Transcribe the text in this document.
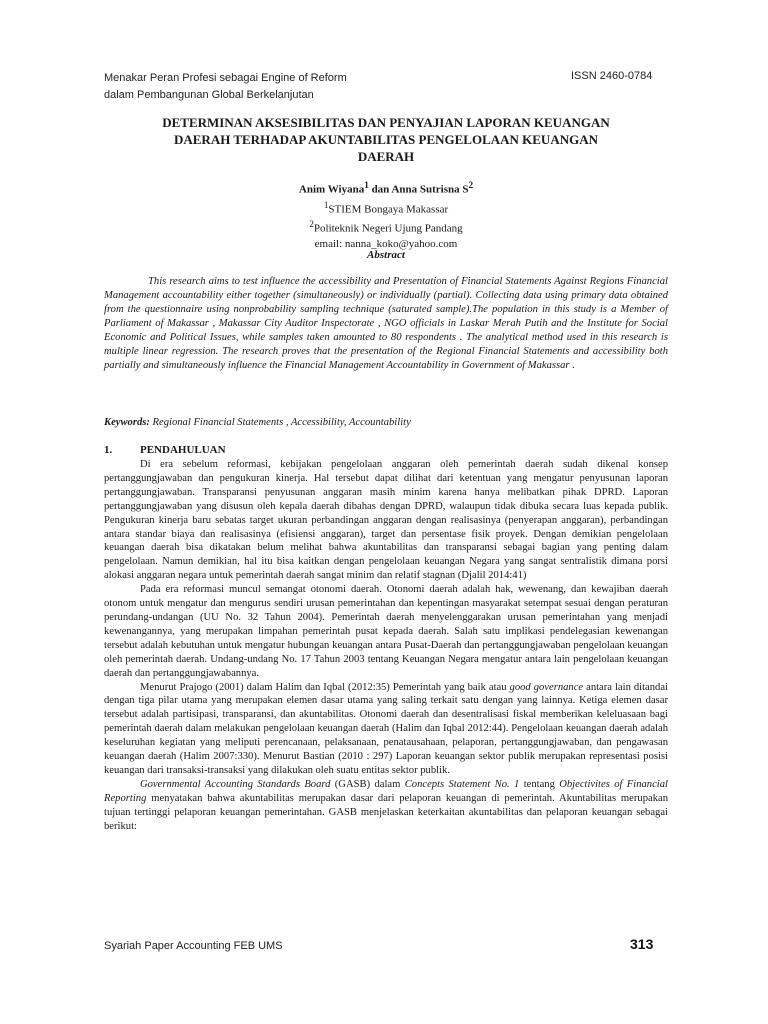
Menakar Peran Profesi sebagai Engine of Reform
dalam Pembangunan Global Berkelanjutan
ISSN 2460-0784
DETERMINAN AKSESIBILITAS DAN PENYAJIAN LAPORAN KEUANGAN
DAERAH TERHADAP AKUNTABILITAS PENGELOLAAN KEUANGAN
DAERAH
Anim Wiyana$^1$ dan Anna Sutrisna $S^2$
$^1$STIEM Bongaya Makassar
$^2$Politeknik Negeri Ujung Pandang
email: nanna_koko@yahoo.com
Abstract
This research aims to test influence the accessibility and Presentation of Financial Statements Against Regions Financial Management accountability either together (simultaneously) or individually (partial). Collecting data using primary data obtained from the questionnaire using nonprobability sampling technique (saturated sample).The population in this study is a Member of Parliament of Makassar , Makassar City Auditor Inspectorate , NGO officials in Laskar Merah Putih and the Institute for Social Economic and Political Issues, while samples taken amounted to 80 respondents . The analytical method used in this research is multiple linear regression. The research proves that the presentation of the Regional Financial Statements and accessibility both partially and simultaneously influence the Financial Management Accountability in Government of Makassar .
Keywords: Regional Financial Statements , Accessibility, Accountability
1.	PENDAHULUAN

Di era sebelum reformasi, kebijakan pengelolaan anggaran oleh pemerintah daerah sudah dikenal konsep pertanggungjawaban dan pengukuran kinerja. Hal tersebut dapat dilihat dari ketentuan yang mengatur penyusunan laporan pertanggungjawaban. Transparansi penyusunan anggaran masih minim karena hanya melibatkan pihak DPRD. Laporan pertanggungjawaban yang disusun oleh kepala daerah dibahas dengan DPRD, walaupun tidak dibuka secara luas kepada publik. Pengukuran kinerja baru sebatas target ukuran perbandingan anggaran dengan realisasinya (penyerapan anggaran), perbandingan antara standar biaya dan realisasinya (efisiensi anggaran), target dan persentase fisik proyek. Dengan demikian pengelolaan keuangan daerah bisa dikatakan belum melihat bahwa akuntabilitas dan transparansi sebagai bagian yang penting dalam pengelolaan. Namun demikian, hal itu bisa kaitkan dengan pengelolaan keuangan Negara yang sangat sentralistik dimana porsi alokasi anggaran negara untuk pemerintah daerah sangat minim dan relatif stagnan (Djalil 2014:41)

Pada era reformasi muncul semangat otonomi daerah. Otonomi daerah adalah hak, wewenang, dan kewajiban daerah otonom untuk mengatur dan mengurus sendiri urusan pemerintahan dan kepentingan masyarakat setempat sesuai dengan peraturan perundang-undangan (UU No. 32 Tahun 2004). Pemerintah daerah menyelenggarakan urusan pemerintahan yang menjadi kewenangannya, yang merupakan limpahan pemerintah pusat kepada daerah. Salah satu implikasi pendelegasian kewenangan tersebut adalah kebutuhan untuk mengatur hubungan keuangan antara Pusat-Daerah dan pertanggungjawaban pengelolaan keuangan oleh pemerintah daerah. Undang-undang No. 17 Tahun 2003 tentang Keuangan Negara mengatur antara lain pengelolaan keuangan daerah dan pertanggungjawabannya.

Menurut Prajogo (2001) dalam Halim dan Iqbal (2012:35) Pemerintah yang baik atau good governance antara lain ditandai dengan tiga pilar utama yang merupakan elemen dasar utama yang saling terkait satu dengan yang lainnya. Ketiga elemen dasar tersebut adalah partisipasi, transparansi, dan akuntabilitas. Otonomi daerah dan desentralisasi fiskal memberikan keleluasaan bagi pemerintah daerah dalam melakukan pengelolaan keuangan daerah (Halim dan Iqbal 2012:44). Pengelolaan keuangan daerah adalah keseluruhan kegiatan yang meliputi perencanaan, pelaksanaan, penatausahaan, pelaporan, pertanggungjawaban, dan pengawasan keuangan daerah (Halim 2007:330). Menurut Bastian (2010 : 297) Laporan keuangan sektor publik merupakan representasi posisi keuangan dari transaksi-transaksi yang dilakukan oleh suatu entitas sektor publik.

Governmental Accounting Standards Board (GASB) dalam Concepts Statement No. 1 tentang Objectivites of Financial Reporting menyatakan bahwa akuntabilitas merupakan dasar dari pelaporan keuangan di pemerintah. Akuntabilitas merupakan tujuan tertinggi pelaporan keuangan pemerintahan. GASB menjelaskan keterkaitan akuntabilitas dan pelaporan keuangan sebagai berikut:

Syariah Paper Accounting FEB UMS	313
